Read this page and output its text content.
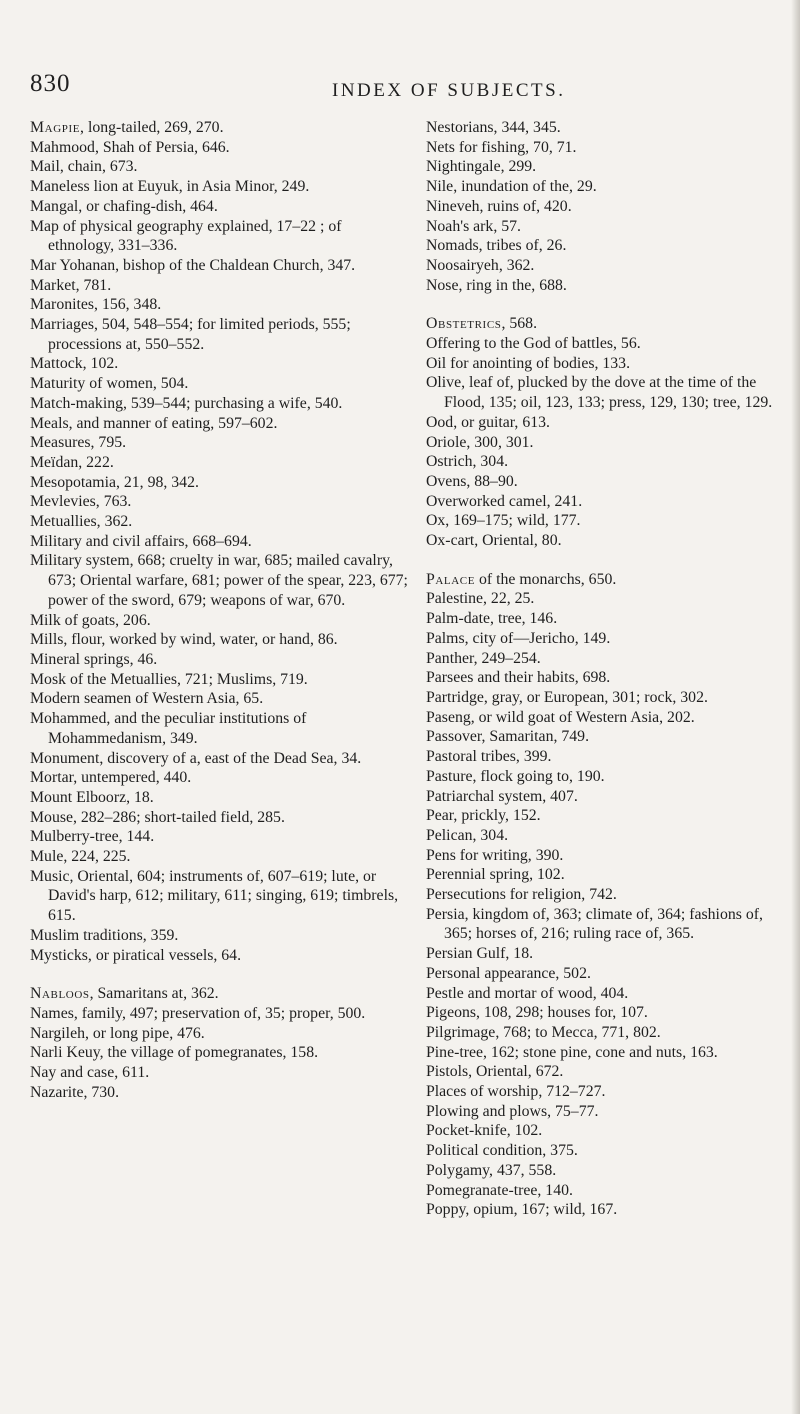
830	INDEX OF SUBJECTS.

Magpie, long-tailed, 269, 270.

Mahmood, Shah of Persia, 646.

Mail, chain, 673.

Maneless lion at Euyuk, in Asia Minor, 249.

Mangal, or chafing-dish, 464.

Map of physical geography explained, 17–22 ; of ethnology, 331–336.

Mar Yohanan, bishop of the Chaldean Church, 347.

Market, 781.

Maronites, 156, 348.

Marriages, 504, 548–554; for limited periods, 555; processions at, 550–552.

Mattock, 102.

Maturity of women, 504.

Match-making, 539–544; purchasing a wife, 540.

Meals, and manner of eating, 597–602.

Measures, 795.

Meïdan, 222.

Mesopotamia, 21, 98, 342.

Mevlevies, 763.

Metuallies, 362.

Military and civil affairs, 668–694.

Military system, 668; cruelty in war, 685; mailed cavalry, 673; Oriental warfare, 681; power of the spear, 223, 677; power of the sword, 679; weapons of war, 670.

Milk of goats, 206.

Mills, flour, worked by wind, water, or hand, 86.

Mineral springs, 46.

Mosk of the Metuallies, 721; Muslims, 719.

Modern seamen of Western Asia, 65.

Mohammed, and the peculiar institutions of Mohammedanism, 349.

Monument, discovery of a, east of the Dead Sea, 34.

Mortar, untempered, 440.

Mount Elboorz, 18.

Mouse, 282–286; short-tailed field, 285.

Mulberry-tree, 144.

Mule, 224, 225.

Music, Oriental, 604; instruments of, 607–619; lute, or David's harp, 612; military, 611; singing, 619; timbrels, 615.

Muslim traditions, 359.

Mysticks, or piratical vessels, 64.

Nabloos, Samaritans at, 362.

Names, family, 497; preservation of, 35; proper, 500.

Nargileh, or long pipe, 476.

Narli Keuy, the village of pomegranates, 158.

Nay and case, 611.

Nazarite, 730.

Nestorians, 344, 345.

Nets for fishing, 70, 71.

Nightingale, 299.

Nile, inundation of the, 29.

Nineveh, ruins of, 420.

Noah's ark, 57.

Nomads, tribes of, 26.

Noosairyeh, 362.

Nose, ring in the, 688.

Obstetrics, 568.

Offering to the God of battles, 56.

Oil for anointing of bodies, 133.

Olive, leaf of, plucked by the dove at the time of the Flood, 135; oil, 123, 133; press, 129, 130; tree, 129.

Ood, or guitar, 613.

Oriole, 300, 301.

Ostrich, 304.

Ovens, 88–90.

Overworked camel, 241.

Ox, 169–175; wild, 177.

Ox-cart, Oriental, 80.

Palace of the monarchs, 650.

Palestine, 22, 25.

Palm-date, tree, 146.

Palms, city of—Jericho, 149.

Panther, 249–254.

Parsees and their habits, 698.

Partridge, gray, or European, 301; rock, 302.

Paseng, or wild goat of Western Asia, 202.

Passover, Samaritan, 749.

Pastoral tribes, 399.

Pasture, flock going to, 190.

Patriarchal system, 407.

Pear, prickly, 152.

Pelican, 304.

Pens for writing, 390.

Perennial spring, 102.

Persecutions for religion, 742.

Persia, kingdom of, 363; climate of, 364; fashions of, 365; horses of, 216; ruling race of, 365.

Persian Gulf, 18.

Personal appearance, 502.

Pestle and mortar of wood, 404.

Pigeons, 108, 298; houses for, 107.

Pilgrimage, 768; to Mecca, 771, 802.

Pine-tree, 162; stone pine, cone and nuts, 163.

Pistols, Oriental, 672.

Places of worship, 712–727.

Plowing and plows, 75–77.

Pocket-knife, 102.

Political condition, 375.

Polygamy, 437, 558.

Pomegranate-tree, 140.

Poppy, opium, 167; wild, 167.
